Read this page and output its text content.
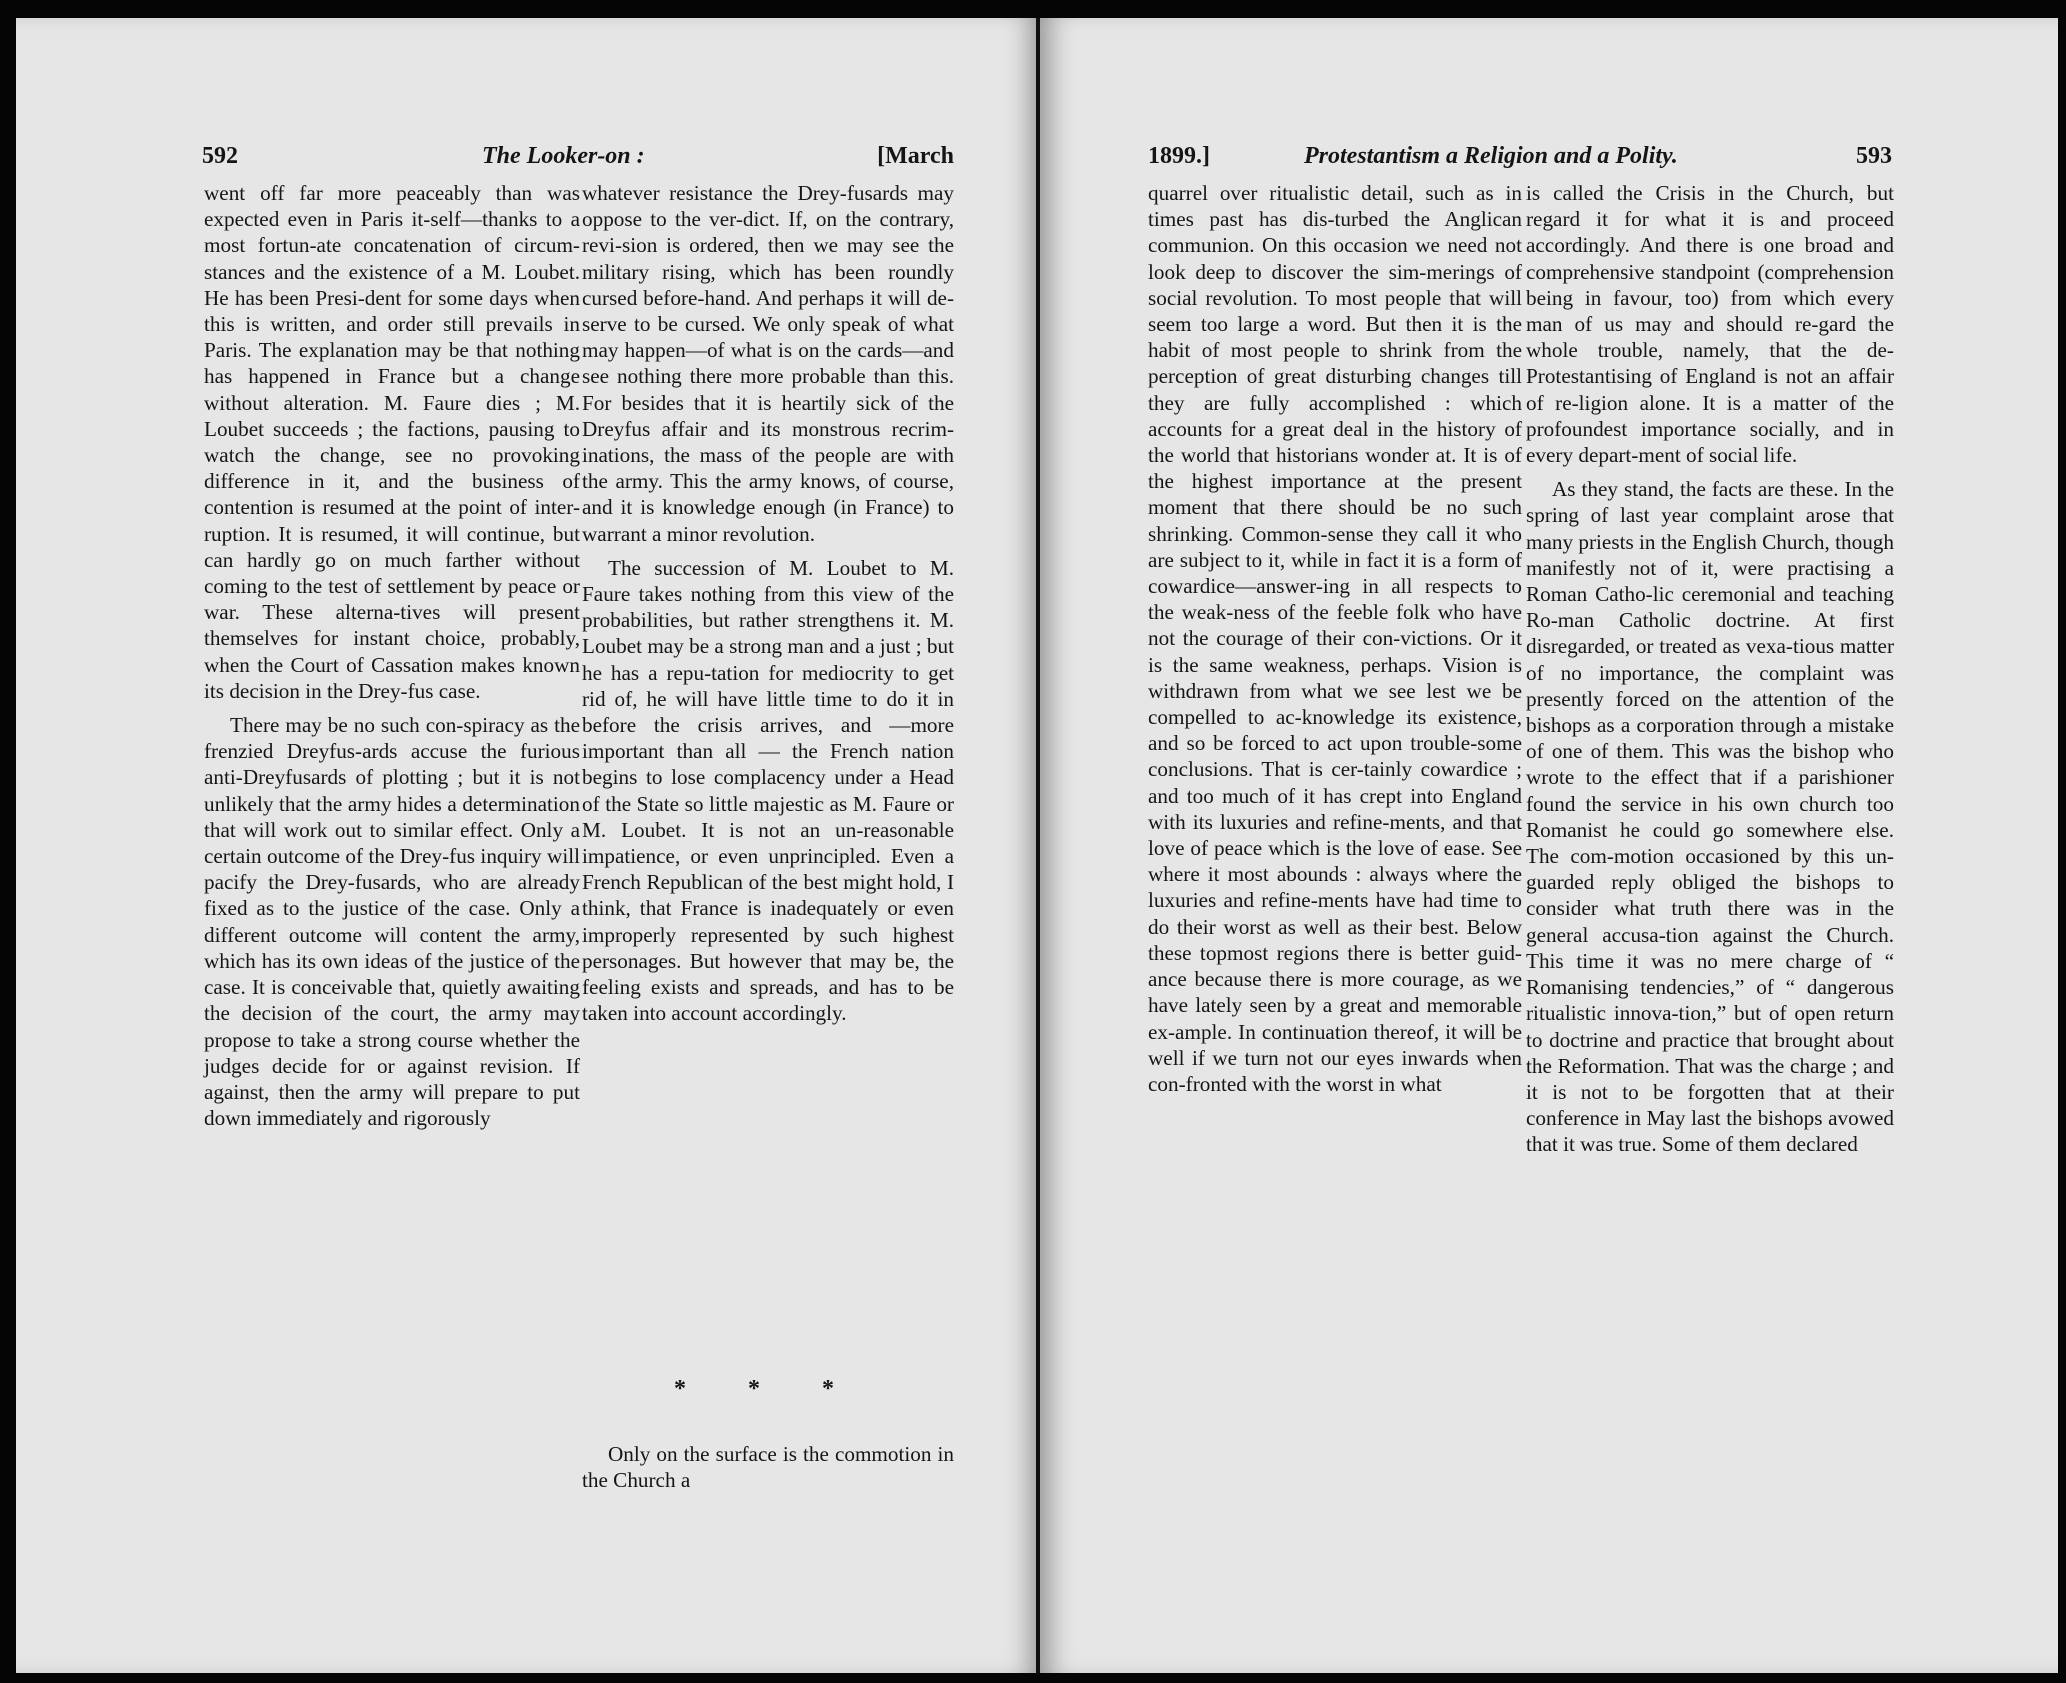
592	The Looker-on :	[March

went off far more peaceably than was expected even in Paris it-self—thanks to a most fortun-ate concatenation of circum-stances and the existence of a M. Loubet. He has been Presi-dent for some days when this is written, and order still prevails in Paris. The explanation may be that nothing has happened in France but a change without alteration. M. Faure dies ; M. Loubet succeeds ; the factions, pausing to watch the change, see no provoking difference in it, and the business of contention is resumed at the point of inter-ruption. It is resumed, it will continue, but can hardly go on much farther without coming to the test of settlement by peace or war. These alterna-tives will present themselves for instant choice, probably, when the Court of Cassation makes known its decision in the Drey-fus case.

There may be no such con-spiracy as the frenzied Dreyfus-ards accuse the furious anti-Dreyfusards of plotting ; but it is not unlikely that the army hides a determination that will work out to similar effect. Only a certain outcome of the Drey-fus inquiry will pacify the Drey-fusards, who are already fixed as to the justice of the case. Only a different outcome will content the army, which has its own ideas of the justice of the case. It is conceivable that, quietly awaiting the decision of the court, the army may propose to take a strong course whether the judges decide for or against revision. If against, then the army will prepare to put down immediately and rigorously

whatever resistance the Drey-fusards may oppose to the ver-dict. If, on the contrary, revi-sion is ordered, then we may see the military rising, which has been roundly cursed before-hand. And perhaps it will de-serve to be cursed. We only speak of what may happen—of what is on the cards—and see nothing there more probable than this. For besides that it is heartily sick of the Dreyfus affair and its monstrous recrim-inations, the mass of the people are with the army. This the army knows, of course, and it is knowledge enough (in France) to warrant a minor revolution.

The succession of M. Loubet to M. Faure takes nothing from this view of the probabilities, but rather strengthens it. M. Loubet may be a strong man and a just ; but he has a repu-tation for mediocrity to get rid of, he will have little time to do it in before the crisis arrives, and —more important than all — the French nation begins to lose complacency under a Head of the State so little majestic as M. Faure or M. Loubet. It is not an un-reasonable impatience, or even unprincipled. Even a French Republican of the best might hold, I think, that France is inadequately or even improperly represented by such highest personages. But however that may be, the feeling exists and spreads, and has to be taken into account accordingly.

* * *

Only on the surface is the commotion in the Church a

1899.]	Protestantism a Religion and a Polity.	593

quarrel over ritualistic detail, such as in times past has dis-turbed the Anglican communion. On this occasion we need not look deep to discover the sim-merings of social revolution. To most people that will seem too large a word. But then it is the habit of most people to shrink from the perception of great disturbing changes till they are fully accomplished : which accounts for a great deal in the history of the world that historians wonder at. It is of the highest importance at the present moment that there should be no such shrinking. Common-sense they call it who are subject to it, while in fact it is a form of cowardice—answer-ing in all respects to the weak-ness of the feeble folk who have not the courage of their con-victions. Or it is the same weakness, perhaps. Vision is withdrawn from what we see lest we be compelled to ac-knowledge its existence, and so be forced to act upon trouble-some conclusions. That is cer-tainly cowardice ; and too much of it has crept into England with its luxuries and refine-ments, and that love of peace which is the love of ease. See where it most abounds : always where the luxuries and refine-ments have had time to do their worst as well as their best. Below these topmost regions there is better guid-ance because there is more courage, as we have lately seen by a great and memorable ex-ample. In continuation thereof, it will be well if we turn not our eyes inwards when con-fronted with the worst in what

is called the Crisis in the Church, but regard it for what it is and proceed accordingly. And there is one broad and comprehensive standpoint (comprehension being in favour, too) from which every man of us may and should re-gard the whole trouble, namely, that the de-Protestantising of England is not an affair of re-ligion alone. It is a matter of the profoundest importance socially, and in every depart-ment of social life.

As they stand, the facts are these. In the spring of last year complaint arose that many priests in the English Church, though manifestly not of it, were practising a Roman Catho-lic ceremonial and teaching Ro-man Catholic doctrine. At first disregarded, or treated as vexa-tious matter of no importance, the complaint was presently forced on the attention of the bishops as a corporation through a mistake of one of them. This was the bishop who wrote to the effect that if a parishioner found the service in his own church too Romanist he could go somewhere else. The com-motion occasioned by this un-guarded reply obliged the bishops to consider what truth there was in the general accusa-tion against the Church. This time it was no mere charge of “ Romanising tendencies,” of “ dangerous ritualistic innova-tion,” but of open return to doctrine and practice that brought about the Reformation. That was the charge ; and it is not to be forgotten that at their conference in May last the bishops avowed that it was true. Some of them declared
